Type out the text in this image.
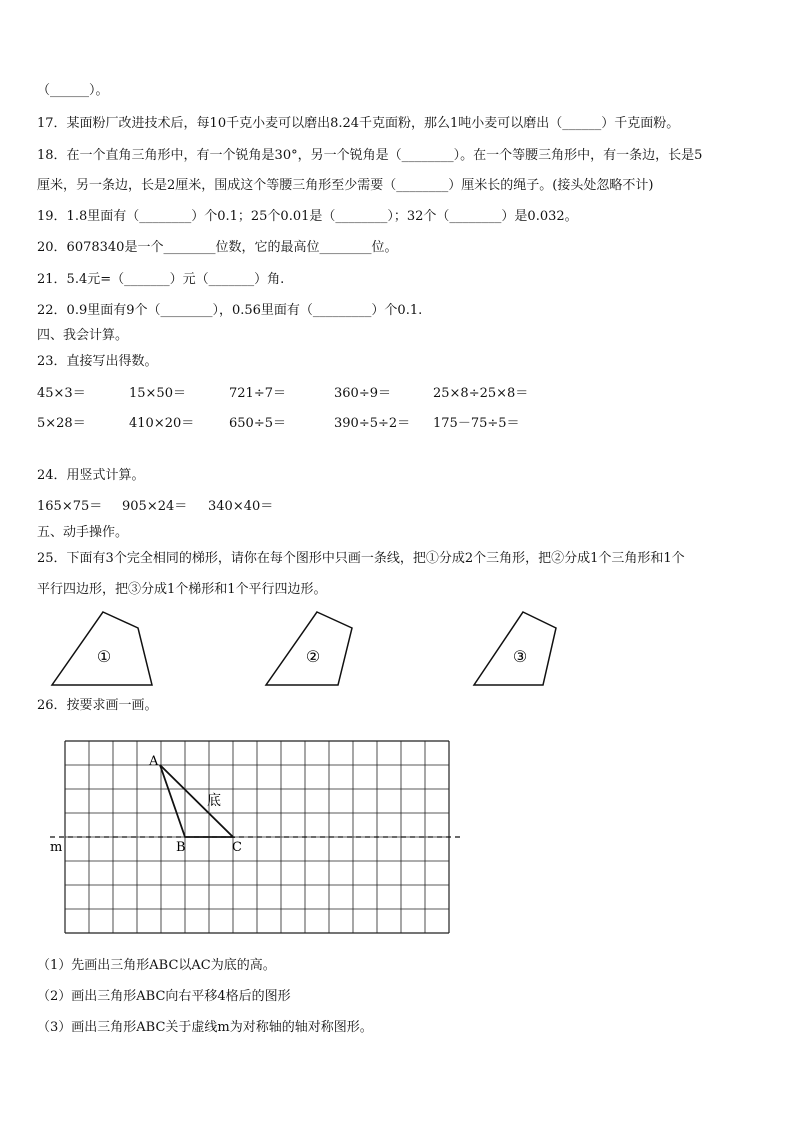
（______）。
17．某面粉厂改进技术后，每10千克小麦可以磨出8.24千克面粉，那么1吨小麦可以磨出（______）千克面粉。
18．在一个直角三角形中，有一个锐角是30°，另一个锐角是（________）。在一个等腰三角形中，有一条边，长是5
厘米，另一条边，长是2厘米，围成这个等腰三角形至少需要（________）厘米长的绳子。(接头处忽略不计)
19．1.8里面有（________）个0.1；25个0.01是（________）；32个（________）是0.032。
20．6078340是一个________位数，它的最高位________位。
21．5.4元=（_______）元（_______）角.
22．0.9里面有9个（________），0.56里面有（_________）个0.1.
四、我会计算。
23．直接写出得数。
45×3＝	15×50＝	721÷7＝	360÷9＝	25×8÷25×8＝
5×28＝	410×20＝	650÷5＝	390÷5÷2＝ 175－75÷5＝
24．用竖式计算。
165×75＝ 905×24＝ 340×40＝
五、动手操作。
25．下面有3个完全相同的梯形，请你在每个图形中只画一条线，把①分成2个三角形，把②分成1个三角形和1个
平行四边形，把③分成1个梯形和1个平行四边形。
①	②	③
26．按要求画一画。
m
A
B	C
底
（1）先画出三角形ABC以AC为底的高。
（2）画出三角形ABC向右平移4格后的图形
（3）画出三角形ABC关于虚线m为对称轴的轴对称图形。
